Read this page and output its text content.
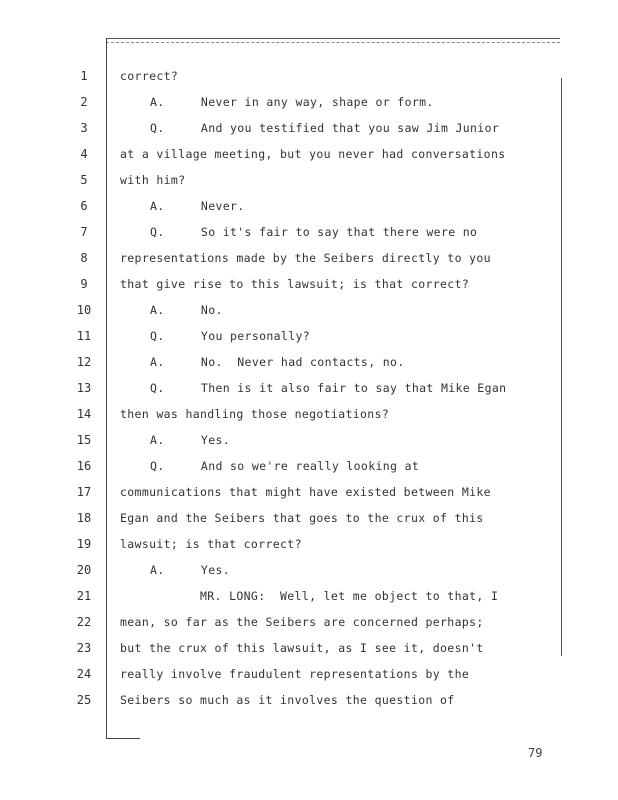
1	correct?
2	A.     Never in any way, shape or form.
3	Q.     And you testified that you saw Jim Junior
4	at a village meeting, but you never had conversations
5	with him?
6	A.     Never.
7	Q.     So it's fair to say that there were no
8	representations made by the Seibers directly to you
9	that give rise to this lawsuit; is that correct?
10	A.     No.
11	Q.     You personally?
12	A.     No.  Never had contacts, no.
13	Q.     Then is it also fair to say that Mike Egan
14	then was handling those negotiations?
15	A.     Yes.
16	Q.     And so we're really looking at
17	communications that might have existed between Mike
18	Egan and the Seibers that goes to the crux of this
19	lawsuit; is that correct?
20	A.     Yes.
21	MR. LONG:  Well, let me object to that, I
22	mean, so far as the Seibers are concerned perhaps;
23	but the crux of this lawsuit, as I see it, doesn't
24	really involve fraudulent representations by the
25	Seibers so much as it involves the question of
79
